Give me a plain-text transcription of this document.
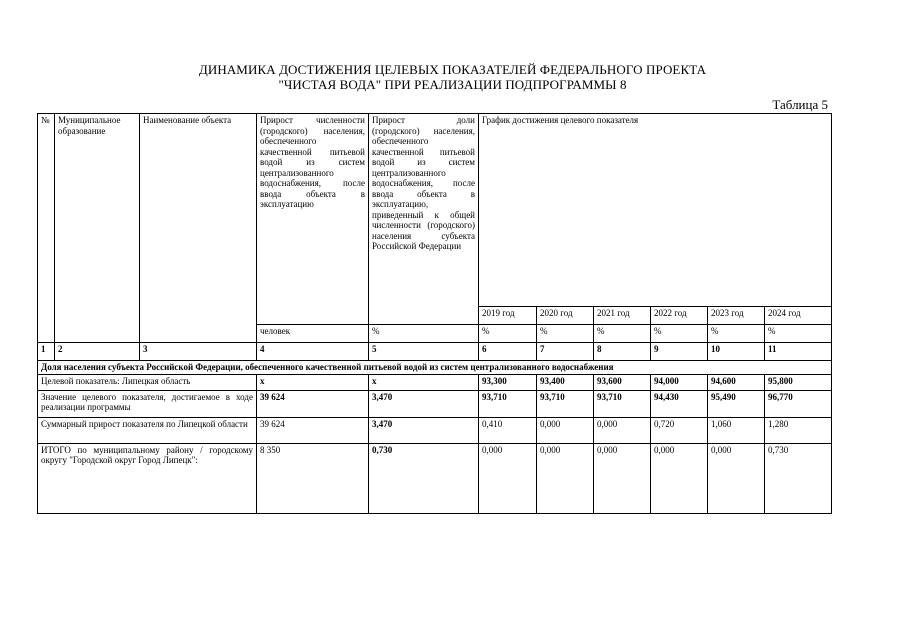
ДИНАМИКА ДОСТИЖЕНИЯ ЦЕЛЕВЫХ ПОКАЗАТЕЛЕЙ ФЕДЕРАЛЬНОГО ПРОЕКТА
"ЧИСТАЯ ВОДА" ПРИ РЕАЛИЗАЦИИ ПОДПРОГРАММЫ 8
Таблица 5
№	Муниципальное образование	Наименование объекта	Прирост численности (городского) населения, обеспеченного качественной питьевой водой из систем централизованного водоснабжения, после ввода объекта в эксплуатацию	Прирост доли (городского) населения, обеспеченного качественной питьевой водой из систем централизованного водоснабжения, после ввода объекта в эксплуатацию, приведенный к общей численности (городского) населения субъекта Российской Федерации	График достижения целевого показателя					
					2019 год	2020 год	2021 год	2022 год	2023 год	2024 год
			человек	%	%	%	%	%	%	%
1	2	3	4	5	6	7	8	9	10	11
Доля населения субъекта Российской Федерации, обеспеченного качественной питьевой водой из систем централизованного водоснабжения										
Целевой показатель: Липецкая область			х	х	93,300	93,400	93,600	94,000	94,600	95,800
Значение целевого показателя, достигаемое в ходе реализации программы			39 624	3,470	93,710	93,710	93,710	94,430	95,490	96,770
Суммарный прирост показателя по Липецкой области			39 624	3,470	0,410	0,000	0,000	0,720	1,060	1,280
ИТОГО по муниципальному району / городскому округу "Городской округ Город Липецк":			8 350	0,730	0,000	0,000	0,000	0,000	0,000	0,730
